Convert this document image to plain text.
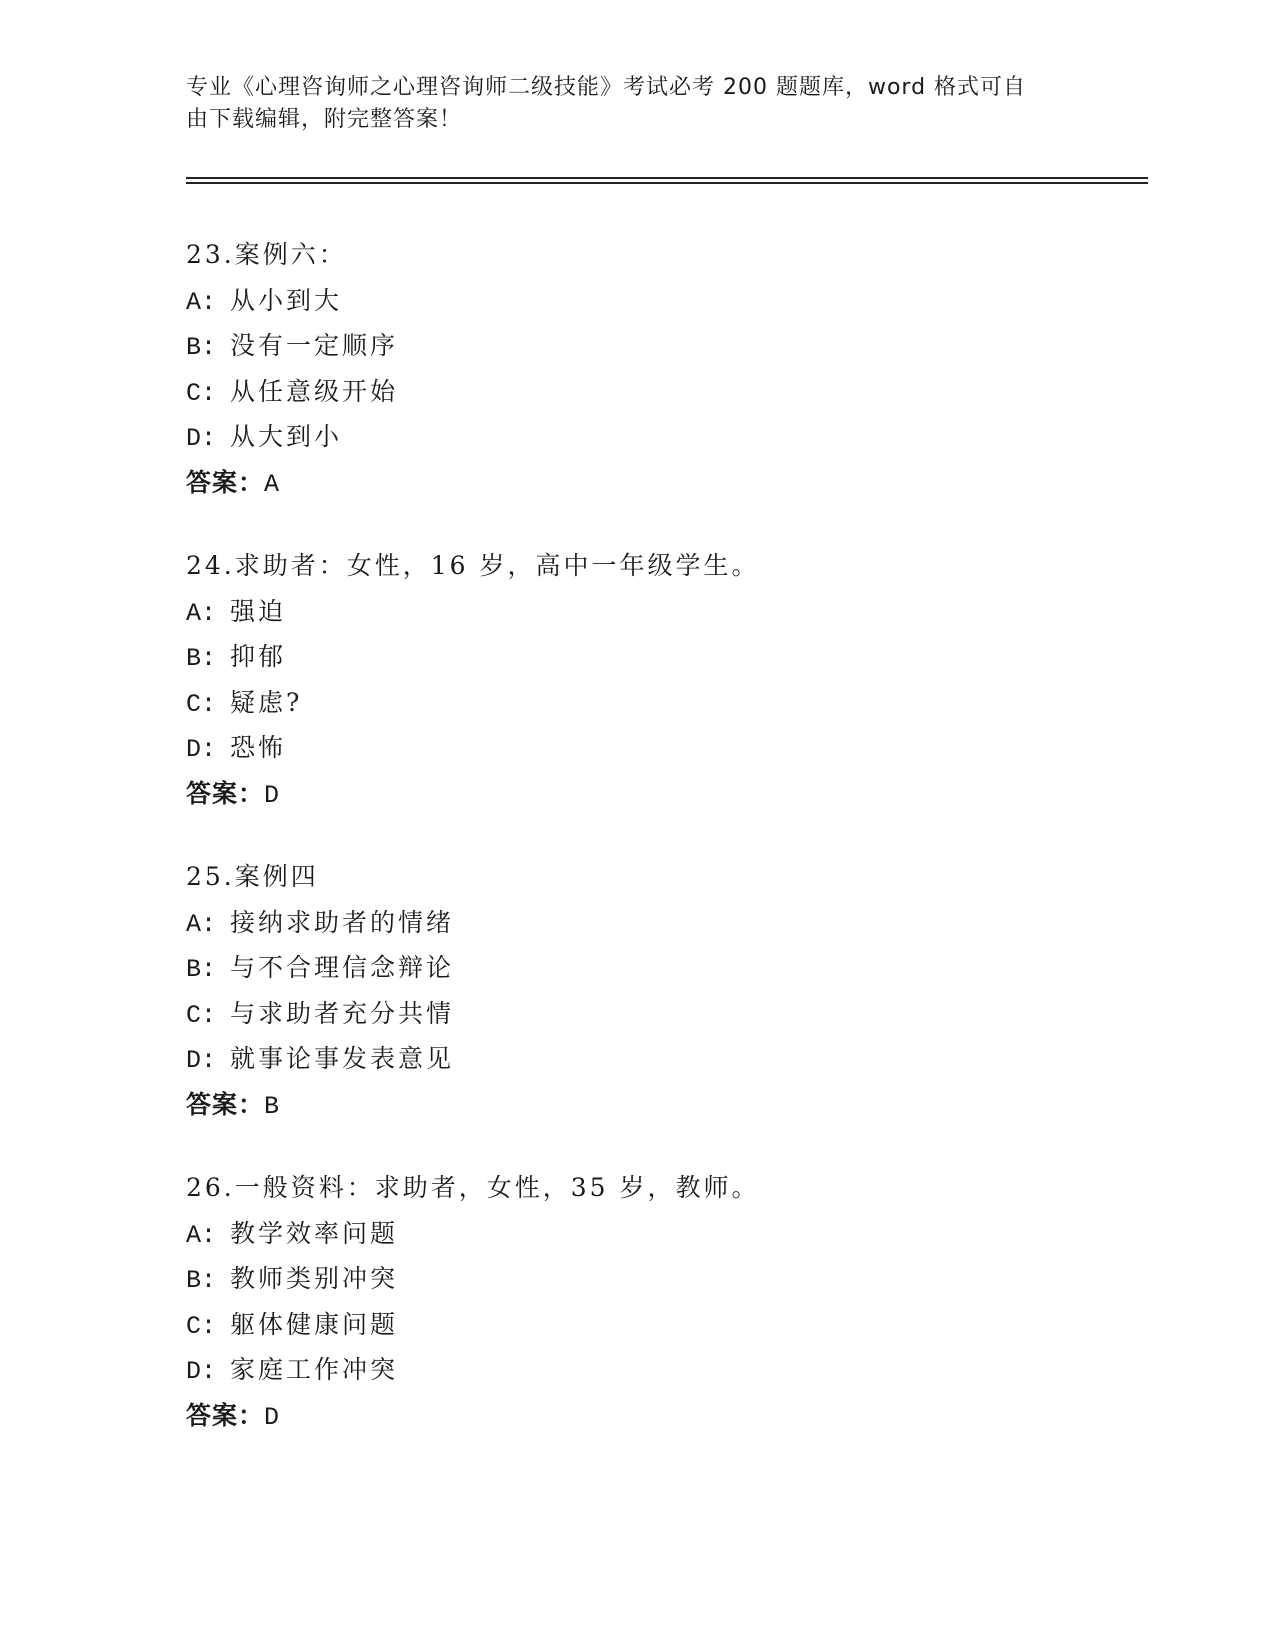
专业《心理咨询师之心理咨询师二级技能》考试必考 200 题题库，word 格式可自
由下载编辑，附完整答案！
23.案例六：
A: 从小到大
B: 没有一定顺序
C: 从任意级开始
D: 从大到小
答案：A
24.求助者：女性，16 岁，高中一年级学生。
A: 强迫
B: 抑郁
C: 疑虑?
D: 恐怖
答案：D
25.案例四
A: 接纳求助者的情绪
B: 与不合理信念辩论
C: 与求助者充分共情
D: 就事论事发表意见
答案：B
26.一般资料：求助者，女性，35 岁，教师。
A: 教学效率问题
B: 教师类别冲突
C: 躯体健康问题
D: 家庭工作冲突
答案：D
